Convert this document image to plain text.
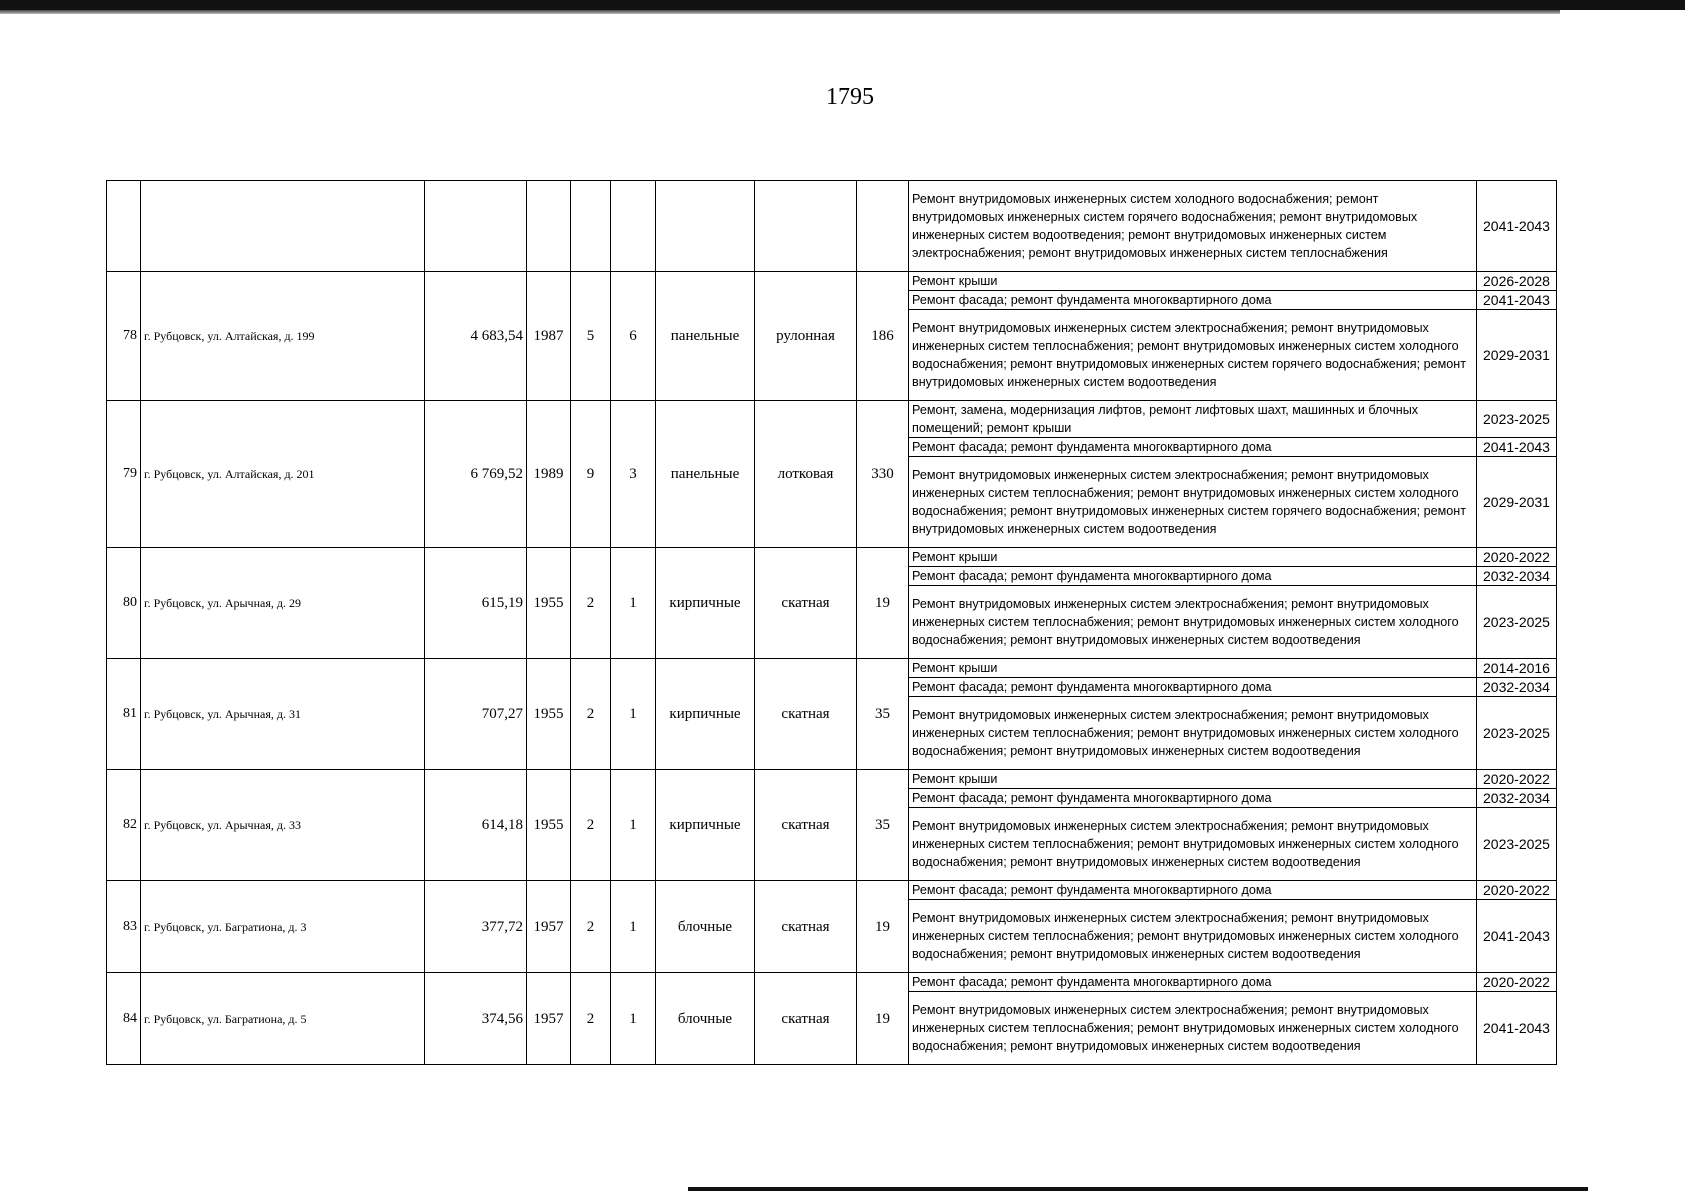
1795
									Ремонт внутридомовых инженерных систем холодного водоснабжения; ремонт внутридомовых инженерных систем горячего водоснабжения; ремонт внутридомовых инженерных систем водоотведения; ремонт внутридомовых инженерных систем электроснабжения; ремонт внутридомовых инженерных систем теплоснабжения	2041-2043
78	г. Рубцовск, ул. Алтайская, д. 199	4 683,54	1987	5	6	панельные	рулонная	186	Ремонт крыши	2026-2028
									Ремонт фасада; ремонт фундамента многоквартирного дома	2041-2043
									Ремонт внутридомовых инженерных систем электроснабжения; ремонт внутридомовых инженерных систем теплоснабжения; ремонт внутридомовых инженерных систем холодного водоснабжения; ремонт внутридомовых инженерных систем горячего водоснабжения; ремонт внутридомовых инженерных систем водоотведения	2029-2031
79	г. Рубцовск, ул. Алтайская, д. 201	6 769,52	1989	9	3	панельные	лотковая	330	Ремонт, замена, модернизация лифтов, ремонт лифтовых шахт, машинных и блочных помещений; ремонт крыши	2023-2025
									Ремонт фасада; ремонт фундамента многоквартирного дома	2041-2043
									Ремонт внутридомовых инженерных систем электроснабжения; ремонт внутридомовых инженерных систем теплоснабжения; ремонт внутридомовых инженерных систем холодного водоснабжения; ремонт внутридомовых инженерных систем горячего водоснабжения; ремонт внутридомовых инженерных систем водоотведения	2029-2031
80	г. Рубцовск, ул. Арычная, д. 29	615,19	1955	2	1	кирпичные	скатная	19	Ремонт крыши	2020-2022
									Ремонт фасада; ремонт фундамента многоквартирного дома	2032-2034
									Ремонт внутридомовых инженерных систем электроснабжения; ремонт внутридомовых инженерных систем теплоснабжения; ремонт внутридомовых инженерных систем холодного водоснабжения; ремонт внутридомовых инженерных систем водоотведения	2023-2025
81	г. Рубцовск, ул. Арычная, д. 31	707,27	1955	2	1	кирпичные	скатная	35	Ремонт крыши	2014-2016
									Ремонт фасада; ремонт фундамента многоквартирного дома	2032-2034
									Ремонт внутридомовых инженерных систем электроснабжения; ремонт внутридомовых инженерных систем теплоснабжения; ремонт внутридомовых инженерных систем холодного водоснабжения; ремонт внутридомовых инженерных систем водоотведения	2023-2025
82	г. Рубцовск, ул. Арычная, д. 33	614,18	1955	2	1	кирпичные	скатная	35	Ремонт крыши	2020-2022
									Ремонт фасада; ремонт фундамента многоквартирного дома	2032-2034
									Ремонт внутридомовых инженерных систем электроснабжения; ремонт внутридомовых инженерных систем теплоснабжения; ремонт внутридомовых инженерных систем холодного водоснабжения; ремонт внутридомовых инженерных систем водоотведения	2023-2025
83	г. Рубцовск, ул. Багратиона, д. 3	377,72	1957	2	1	блочные	скатная	19	Ремонт фасада; ремонт фундамента многоквартирного дома	2020-2022
									Ремонт внутридомовых инженерных систем электроснабжения; ремонт внутридомовых инженерных систем теплоснабжения; ремонт внутридомовых инженерных систем холодного водоснабжения; ремонт внутридомовых инженерных систем водоотведения	2041-2043
84	г. Рубцовск, ул. Багратиона, д. 5	374,56	1957	2	1	блочные	скатная	19	Ремонт фасада; ремонт фундамента многоквартирного дома	2020-2022
									Ремонт внутридомовых инженерных систем электроснабжения; ремонт внутридомовых инженерных систем теплоснабжения; ремонт внутридомовых инженерных систем холодного водоснабжения; ремонт внутридомовых инженерных систем водоотведения	2041-2043
